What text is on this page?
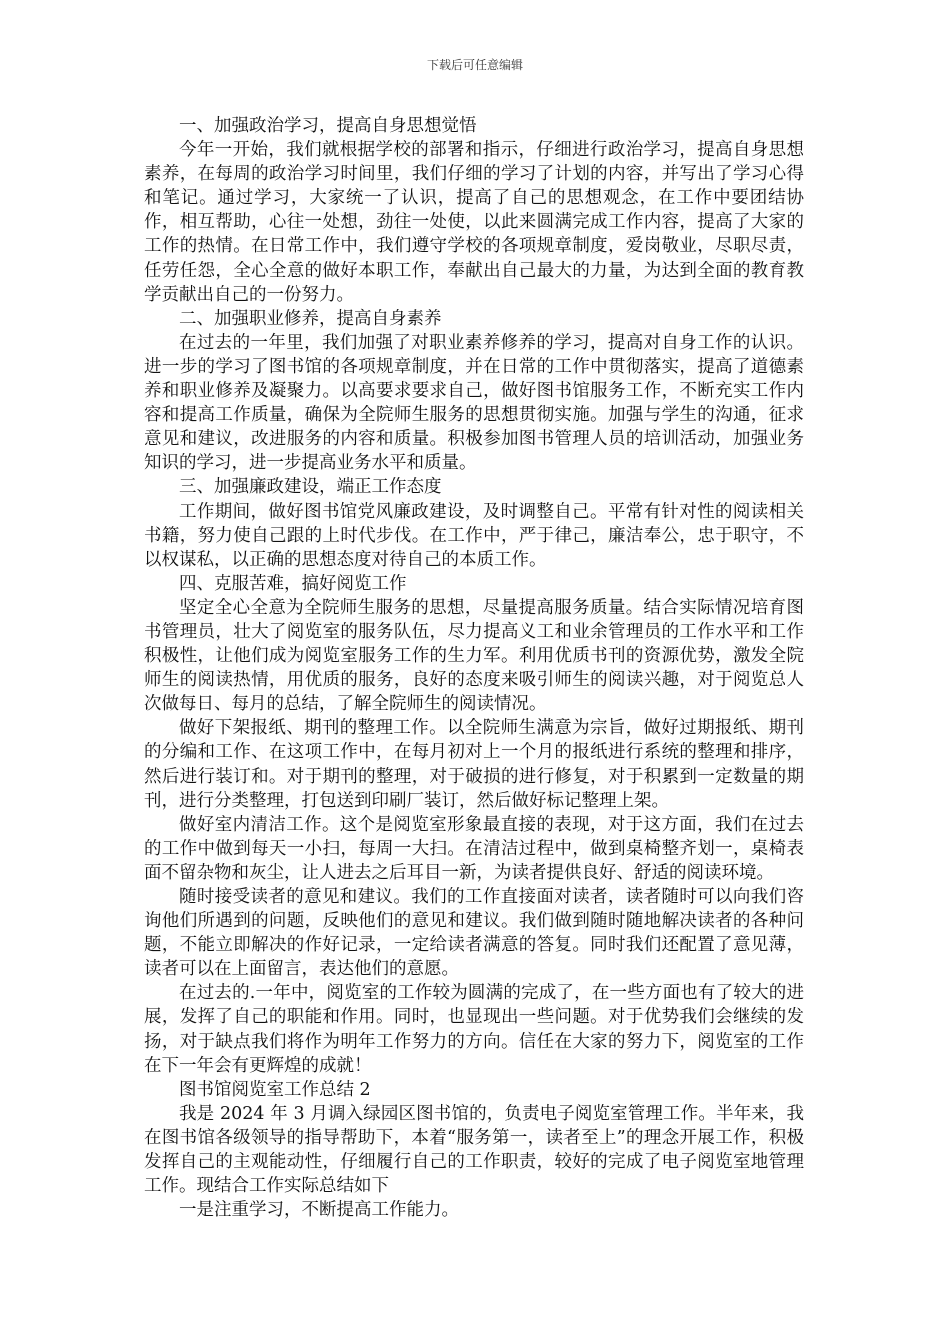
下载后可任意编辑

一、加强政治学习，提高自身思想觉悟

今年一开始，我们就根据学校的部署和指示，仔细进行政治学习，提高自身思想素养，在每周的政治学习时间里，我们仔细的学习了计划的内容，并写出了学习心得和笔记。通过学习，大家统一了认识，提高了自己的思想观念，在工作中要团结协作，相互帮助，心往一处想，劲往一处使，以此来圆满完成工作内容，提高了大家的工作的热情。在日常工作中，我们遵守学校的各项规章制度，爱岗敬业，尽职尽责，任劳任怨，全心全意的做好本职工作，奉献出自己最大的力量，为达到全面的教育教学贡献出自己的一份努力。

二、加强职业修养，提高自身素养

在过去的一年里，我们加强了对职业素养修养的学习，提高对自身工作的认识。进一步的学习了图书馆的各项规章制度，并在日常的工作中贯彻落实，提高了道德素养和职业修养及凝聚力。以高要求要求自己，做好图书馆服务工作，不断充实工作内容和提高工作质量，确保为全院师生服务的思想贯彻实施。加强与学生的沟通，征求意见和建议，改进服务的内容和质量。积极参加图书管理人员的培训活动，加强业务知识的学习，进一步提高业务水平和质量。

三、加强廉政建设，端正工作态度

工作期间，做好图书馆党风廉政建设，及时调整自己。平常有针对性的阅读相关书籍，努力使自己跟的上时代步伐。在工作中，严于律己，廉洁奉公，忠于职守，不以权谋私，以正确的思想态度对待自己的本质工作。

四、克服苦难，搞好阅览工作

坚定全心全意为全院师生服务的思想，尽量提高服务质量。结合实际情况培育图书管理员，壮大了阅览室的服务队伍，尽力提高义工和业余管理员的工作水平和工作积极性，让他们成为阅览室服务工作的生力军。利用优质书刊的资源优势，激发全院师生的阅读热情，用优质的服务，良好的态度来吸引师生的阅读兴趣，对于阅览总人次做每日、每月的总结，了解全院师生的阅读情况。

做好下架报纸、期刊的整理工作。以全院师生满意为宗旨，做好过期报纸、期刊的分编和工作、在这项工作中，在每月初对上一个月的报纸进行系统的整理和排序，然后进行装订和。对于期刊的整理，对于破损的进行修复，对于积累到一定数量的期刊，进行分类整理，打包送到印刷厂装订，然后做好标记整理上架。

做好室内清洁工作。这个是阅览室形象最直接的表现，对于这方面，我们在过去的工作中做到每天一小扫，每周一大扫。在清洁过程中，做到桌椅整齐划一，桌椅表面不留杂物和灰尘，让人进去之后耳目一新，为读者提供良好、舒适的阅读环境。

随时接受读者的意见和建议。我们的工作直接面对读者，读者随时可以向我们咨询他们所遇到的问题，反映他们的意见和建议。我们做到随时随地解决读者的各种问题，不能立即解决的作好记录，一定给读者满意的答复。同时我们还配置了意见薄，读者可以在上面留言，表达他们的意愿。

在过去的.一年中，阅览室的工作较为圆满的完成了，在一些方面也有了较大的进展，发挥了自己的职能和作用。同时，也显现出一些问题。对于优势我们会继续的发扬，对于缺点我们将作为明年工作努力的方向。信任在大家的努力下，阅览室的工作在下一年会有更辉煌的成就！

图书馆阅览室工作总结 2

我是 2024 年 3 月调入绿园区图书馆的，负责电子阅览室管理工作。半年来，我在图书馆各级领导的指导帮助下，本着“服务第一，读者至上”的理念开展工作，积极发挥自己的主观能动性，仔细履行自己的工作职责，较好的完成了电子阅览室地管理工作。现结合工作实际总结如下

一是注重学习，不断提高工作能力。
